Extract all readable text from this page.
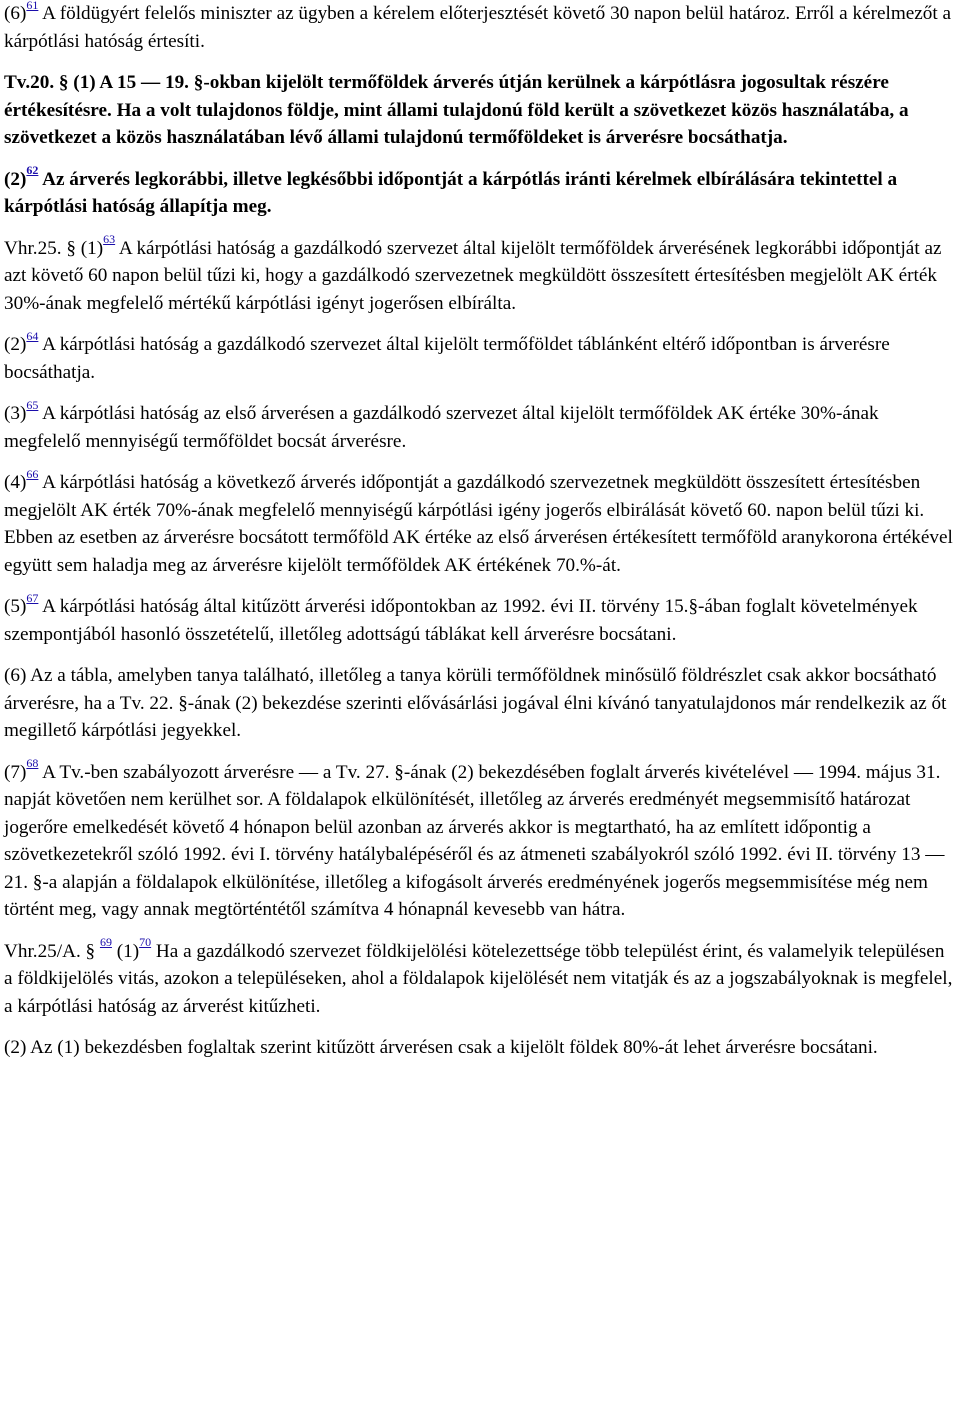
(6)$^{61}$ A földügyért felelős miniszter az ügyben a kérelem előterjesztését követő 30 napon belül határoz. Erről a kérelmezőt a kárpótlási hatóság értesíti.

Tv.20. § (1) A 15 — 19. §-okban kijelölt termőföldek árverés útján kerülnek a kárpótlásra jogosultak részére értékesítésre. Ha a volt tulajdonos földje, mint állami tulajdonú föld került a szövetkezet közös használatába, a szövetkezet a közös használatában lévő állami tulajdonú termőföldeket is árverésre bocsáthatja.

(2)$^{62}$ Az árverés legkorábbi, illetve legkésőbbi időpontját a kárpótlás iránti kérelmek elbírálására tekintettel a kárpótlási hatóság állapítja meg.

Vhr.25. § (1)$^{63}$ A kárpótlási hatóság a gazdálkodó szervezet által kijelölt termőföldek árverésének legkorábbi időpontját az azt követő 60 napon belül tűzi ki, hogy a gazdálkodó szervezetnek megküldött összesített értesítésben megjelölt AK érték 30%-ának megfelelő mértékű kárpótlási igényt jogerősen elbírálta.

(2)$^{64}$ A kárpótlási hatóság a gazdálkodó szervezet által kijelölt termőföldet táblánként eltérő időpontban is árverésre bocsáthatja.

(3)$^{65}$ A kárpótlási hatóság az első árverésen a gazdálkodó szervezet által kijelölt termőföldek AK értéke 30%-ának megfelelő mennyiségű termőföldet bocsát árverésre.

(4)$^{66}$ A kárpótlási hatóság a következő árverés időpontját a gazdálkodó szervezetnek megküldött összesített értesítésben megjelölt AK érték 70%-ának megfelelő mennyiségű kárpótlási igény jogerős elbirálását követő 60. napon belül tűzi ki. Ebben az esetben az árverésre bocsátott termőföld AK értéke az első árverésen értékesített termőföld aranykorona értékével együtt sem haladja meg az árverésre kijelölt termőföldek AK értékének 70.%-át.

(5)$^{67}$ A kárpótlási hatóság által kitűzött árverési időpontokban az 1992. évi II. törvény 15.§-ában foglalt követelmények szempontjából hasonló összetételű, illetőleg adottságú táblákat kell árverésre bocsátani.

(6) Az a tábla, amelyben tanya található, illetőleg a tanya körüli termőföldnek minősülő földrészlet csak akkor bocsátható árverésre, ha a Tv. 22. §-ának (2) bekezdése szerinti elővásárlási jogával élni kívánó tanyatulajdonos már rendelkezik az őt megillető kárpótlási jegyekkel.

(7)$^{68}$ A Tv.-ben szabályozott árverésre — a Tv. 27. §-ának (2) bekezdésében foglalt árverés kivételével — 1994. május 31. napját követően nem kerülhet sor. A földalapok elkülönítését, illetőleg az árverés eredményét megsemmisítő határozat jogerőre emelkedését követő 4 hónapon belül azonban az árverés akkor is megtartható, ha az említett időpontig a szövetkezetekről szóló 1992. évi I. törvény hatálybalépéséről és az átmeneti szabályokról szóló 1992. évi II. törvény 13 — 21. §-a alapján a földalapok elkülönítése, illetőleg a kifogásolt árverés eredményének jogerős megsemmisítése még nem történt meg, vagy annak megtörténtétől számítva 4 hónapnál kevesebb van hátra.

Vhr.25/A. § $^{69}$ (1)$^{70}$ Ha a gazdálkodó szervezet földkijelölési kötelezettsége több települést érint, és valamelyik településen a földkijelölés vitás, azokon a településeken, ahol a földalapok kijelölését nem vitatják és az a jogszabályoknak is megfelel, a kárpótlási hatóság az árverést kitűzheti.

(2) Az (1) bekezdésben foglaltak szerint kitűzött árverésen csak a kijelölt földek 80%-át lehet árverésre bocsátani.
